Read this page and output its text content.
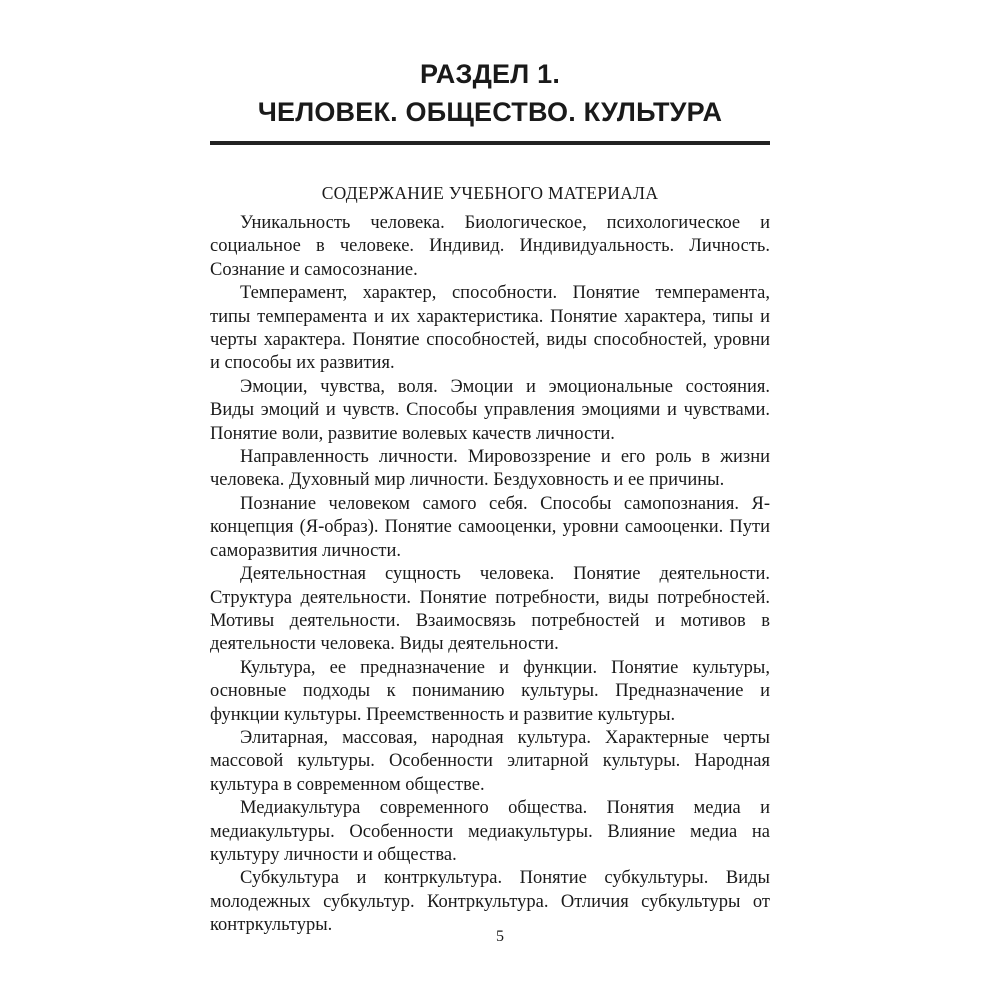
РАЗДЕЛ 1.
ЧЕЛОВЕК. ОБЩЕСТВО. КУЛЬТУРА
СОДЕРЖАНИЕ УЧЕБНОГО МАТЕРИАЛА

Уникальность человека. Биологическое, психологическое и социальное в человеке. Индивид. Индивидуальность. Личность. Сознание и самосознание.

Темперамент, характер, способности. Понятие темперамента, типы темперамента и их характеристика. Понятие характера, типы и черты характера. Понятие способностей, виды способностей, уровни и способы их развития.

Эмоции, чувства, воля. Эмоции и эмоциональные состояния. Виды эмоций и чувств. Способы управления эмоциями и чувствами. Понятие воли, развитие волевых качеств личности.

Направленность личности. Мировоззрение и его роль в жизни человека. Духовный мир личности. Бездуховность и ее причины.

Познание человеком самого себя. Способы самопознания. Я-концепция (Я-образ). Понятие самооценки, уровни самооценки. Пути саморазвития личности.

Деятельностная сущность человека. Понятие деятельности. Структура деятельности. Понятие потребности, виды потребностей. Мотивы деятельности. Взаимосвязь потребностей и мотивов в деятельности человека. Виды деятельности.

Культура, ее предназначение и функции. Понятие культуры, основные подходы к пониманию культуры. Предназначение и функции культуры. Преемственность и развитие культуры.

Элитарная, массовая, народная культура. Характерные черты массовой культуры. Особенности элитарной культуры. Народная культура в современном обществе.

Медиакультура современного общества. Понятия медиа и медиакультуры. Особенности медиакультуры. Влияние медиа на культуру личности и общества.

Субкультура и контркультура. Понятие субкультуры. Виды молодежных субкультур. Контркультура. Отличия субкультуры от контркультуры.

5
